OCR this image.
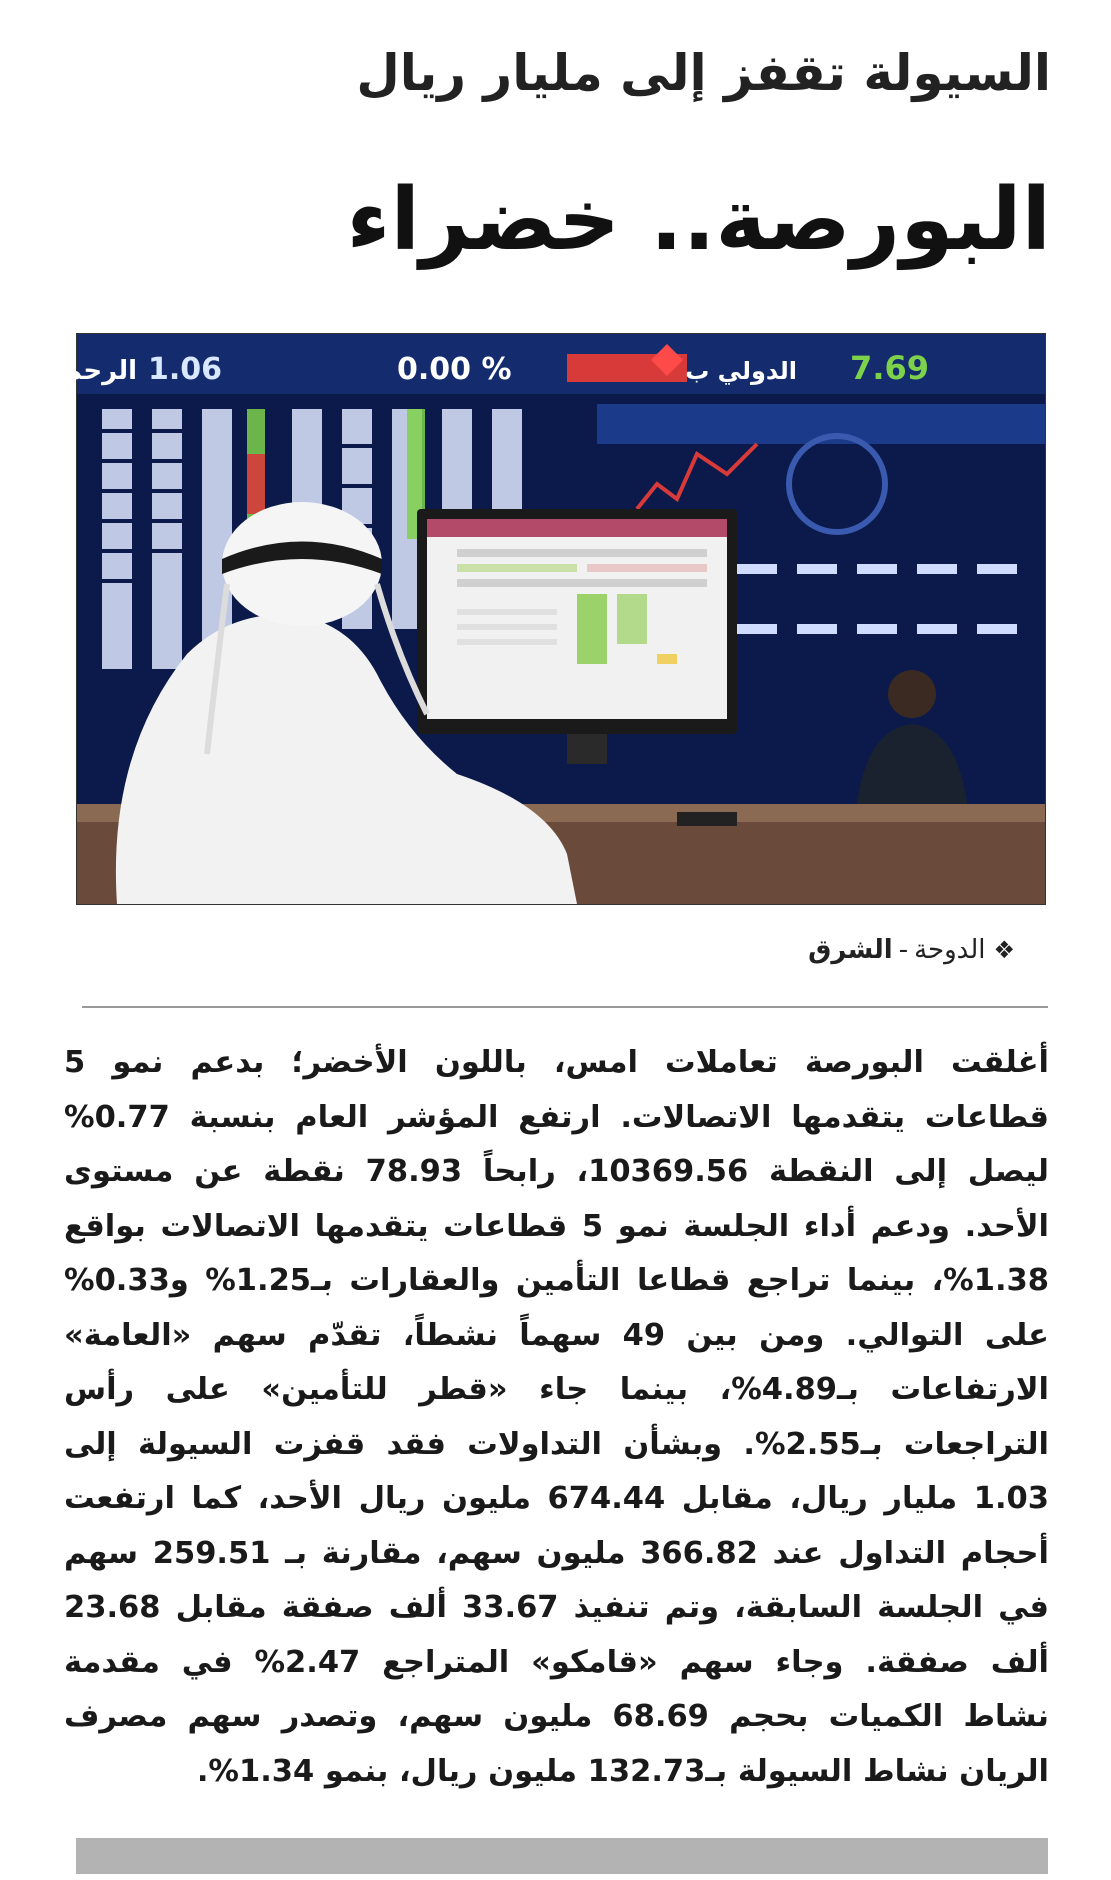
السيولة تقفز إلى مليار ريال
البورصة.. خضراء
1.06
الرحمة	0.00 %	الدولي ب 7.69
❖الدوحة-الشرق
أغلقت البورصة تعاملات امس، باللون الأخضر؛ بدعم نمو 5 قطاعات يتقدمها الاتصالات. ارتفع المؤشر العام بنسبة 0.77% ليصل إلى النقطة 10369.56، رابحاً 78.93 نقطة عن مستوى الأحد. ودعم أداء الجلسة نمو 5 قطاعات يتقدمها الاتصالات بواقع 1.38%، بينما تراجع قطاعا التأمين والعقارات بـ1.25% و0.33% على التوالي. ومن بين 49 سهماً نشطاً، تقدّم سهم «العامة» الارتفاعات بـ4.89%، بينما جاء «قطر للتأمين» على رأس التراجعات بـ2.55%. وبشأن التداولات فقد قفزت السيولة إلى 1.03 مليار ريال، مقابل 674.44 مليون ريال الأحد، كما ارتفعت أحجام التداول عند 366.82 مليون سهم، مقارنة بـ 259.51 سهم في الجلسة السابقة، وتم تنفيذ 33.67 ألف صفقة مقابل 23.68 ألف صفقة. وجاء سهم «قامكو» المتراجع 2.47% في مقدمة نشاط الكميات بحجم 68.69 مليون سهم، وتصدر سهم مصرف الريان نشاط السيولة بـ132.73 مليون ريال، بنمو 1.34%.
